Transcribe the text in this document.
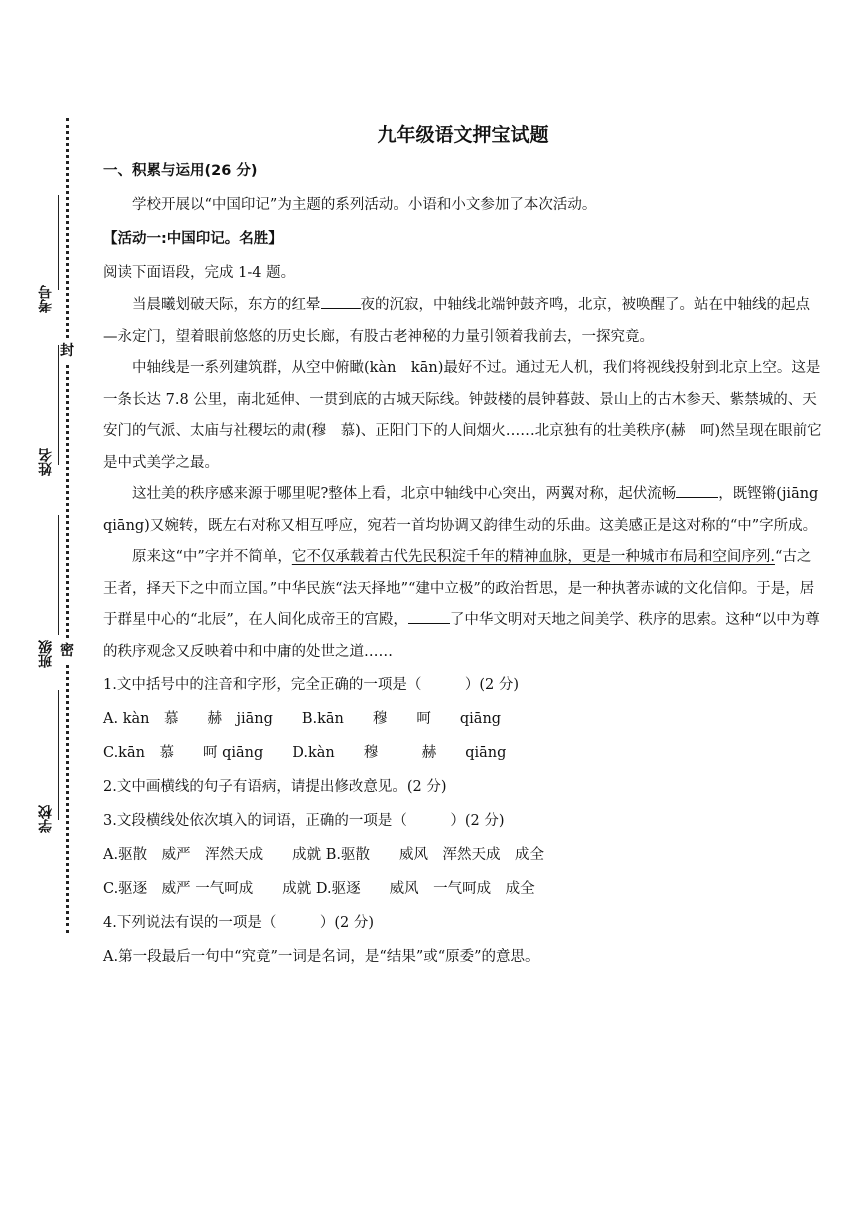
考号
封
姓名
班级 密
学校
九年级语文押宝试题

一、积累与运用(26 分)

学校开展以“中国印记”为主题的系列活动。小语和小文参加了本次活动。

【活动一:中国印记。名胜】

阅读下面语段，完成 1-4 题。

当晨曦划破天际，东方的红晕	夜的沉寂，中轴线北端钟鼓齐鸣，北京，被唤醒了。站在中轴线的起点—永定门，望着眼前悠悠的历史长廊，有股古老神秘的力量引领着我前去，一探究竟。

中轴线是一系列建筑群，从空中俯瞰(kàn　kān)最好不过。通过无人机，我们将视线投射到北京上空。这是一条长达 7.8 公里，南北延伸、一贯到底的古城天际线。钟鼓楼的晨钟暮鼓、景山上的古木参天、紫禁城的、天安门的气派、太庙与社稷坛的肃(穆　慕)、正阳门下的人间烟火……北京独有的壮美秩序(赫　呵)然呈现在眼前它是中式美学之最。

这壮美的秩序感来源于哪里呢?整体上看，北京中轴线中心突出，两翼对称，起伏流畅	，既铿锵(jiāng　qiāng)又婉转，既左右对称又相互呼应，宛若一首均协调又韵律生动的乐曲。这美感正是这对称的“中”字所成。

原来这“中”字并不简单，它不仅承载着古代先民积淀千年的精神血脉，更是一种城市布局和空间序列.“古之王者，择天下之中而立国。”中华民族“法天择地”“建中立极”的政治哲思，是一种执著赤诚的文化信仰。于是，居于群星中心的“北辰”，在人间化成帝王的宫殿，	了中华文明对天地之间美学、秩序的思索。这种“以中为尊的秩序观念又反映着中和中庸的处世之道……

1.文中括号中的注音和字形，完全正确的一项是（　　　）(2 分)

A. kàn　慕　　赫　jiāng　　B.kān　　穆　　呵　　qiāng

C.kān　慕　　呵 qiāng　　D.kàn　　穆　　　赫　　qiāng

2.文中画横线的句子有语病，请提出修改意见。(2 分)

3.文段横线处依次填入的词语，正确的一项是（　　　）(2 分)

A.驱散　威严　浑然天成　　成就 B.驱散　　威风　浑然天成　成全

C.驱逐　威严 一气呵成　　成就 D.驱逐　　威风　一气呵成　成全

4.下列说法有误的一项是（　　　）(2 分)

A.第一段最后一句中“究竟”一词是名词，是“结果”或“原委”的意思。
